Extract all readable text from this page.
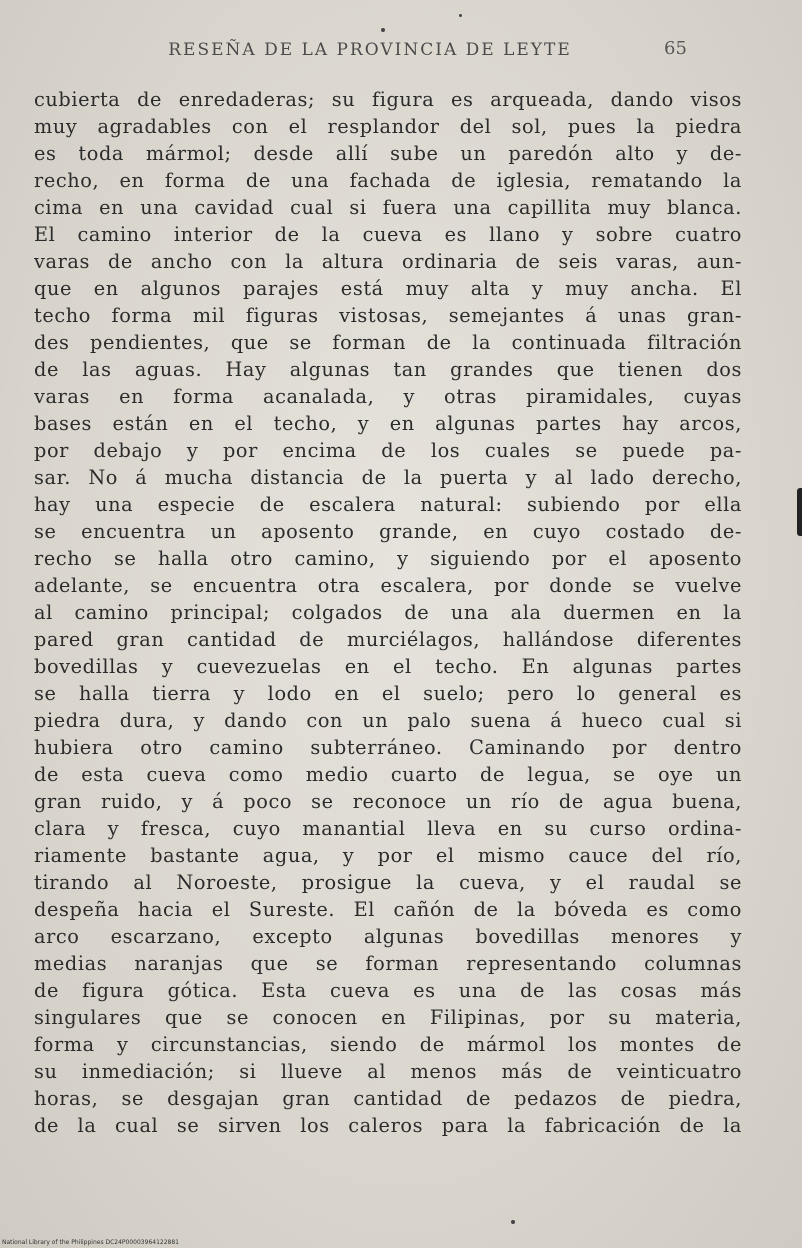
RESEÑA DE LA PROVINCIA DE LEYTE	65
cubierta de enredaderas; su figura es arqueada, dando visos
muy agradables con el resplandor del sol, pues la piedra
es toda mármol; desde allí sube un paredón alto y de-
recho, en forma de una fachada de iglesia, rematando la
cima en una cavidad cual si fuera una capillita muy blanca.
El camino interior de la cueva es llano y sobre cuatro
varas de ancho con la altura ordinaria de seis varas, aun-
que en algunos parajes está muy alta y muy ancha. El
techo forma mil figuras vistosas, semejantes á unas gran-
des pendientes, que se forman de la continuada filtración
de las aguas. Hay algunas tan grandes que tienen dos
varas en forma acanalada, y otras piramidales, cuyas
bases están en el techo, y en algunas partes hay arcos,
por debajo y por encima de los cuales se puede pa-
sar. No á mucha distancia de la puerta y al lado derecho,
hay una especie de escalera natural: subiendo por ella
se encuentra un aposento grande, en cuyo costado de-
recho se halla otro camino, y siguiendo por el aposento
adelante, se encuentra otra escalera, por donde se vuelve
al camino principal; colgados de una ala duermen en la
pared gran cantidad de murciélagos, hallándose diferentes
bovedillas y cuevezuelas en el techo. En algunas partes
se halla tierra y lodo en el suelo; pero lo general es
piedra dura, y dando con un palo suena á hueco cual si
hubiera otro camino subterráneo. Caminando por dentro
de esta cueva como medio cuarto de legua, se oye un
gran ruido, y á poco se reconoce un río de agua buena,
clara y fresca, cuyo manantial lleva en su curso ordina-
riamente bastante agua, y por el mismo cauce del río,
tirando al Noroeste, prosigue la cueva, y el raudal se
despeña hacia el Sureste. El cañón de la bóveda es como
arco escarzano, excepto algunas bovedillas menores y
medias naranjas que se forman representando columnas
de figura gótica. Esta cueva es una de las cosas más
singulares que se conocen en Filipinas, por su materia,
forma y circunstancias, siendo de mármol los montes de
su inmediación; si llueve al menos más de veinticuatro
horas, se desgajan gran cantidad de pedazos de piedra,
de la cual se sirven los caleros para la fabricación de la
National Library of the Philippines DC24P00003964122881
